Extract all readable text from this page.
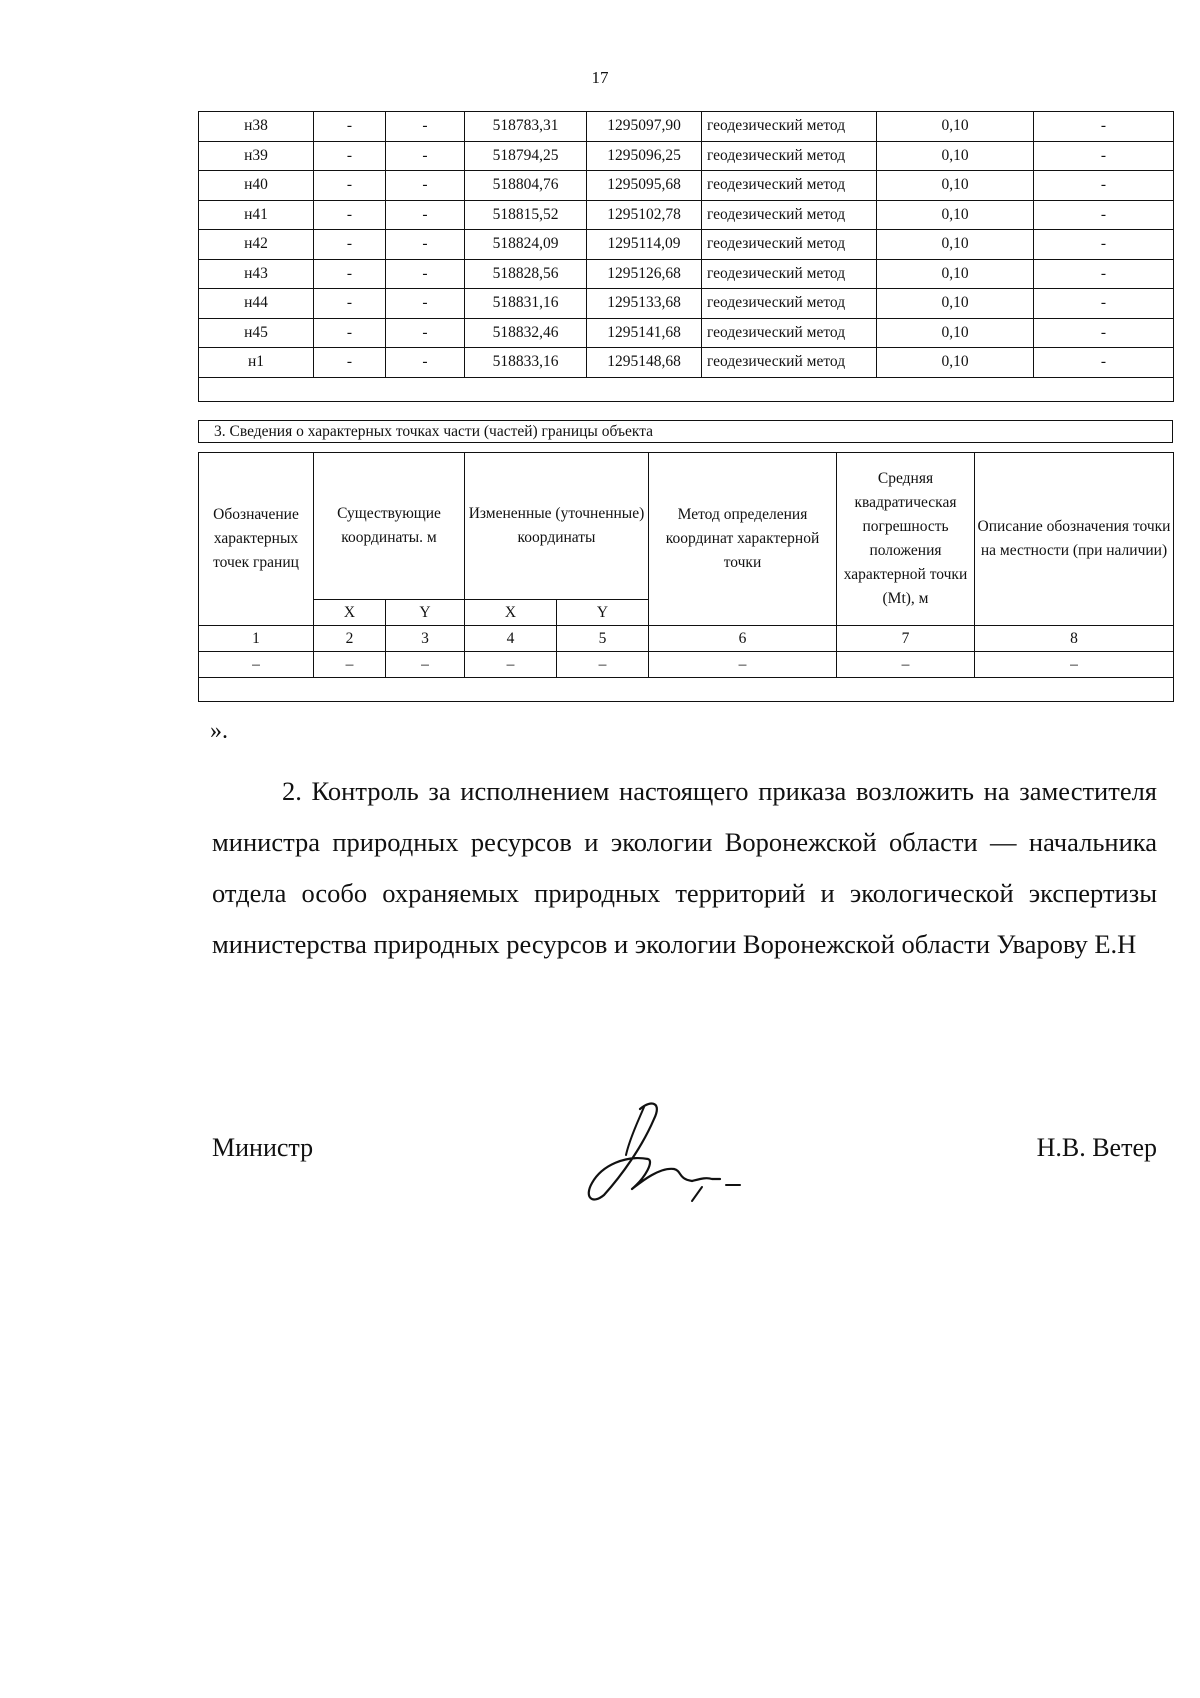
17
н38	-	-	518783,31	1295097,90	геодезический метод	0,10	-
н39	-	-	518794,25	1295096,25	геодезический метод	0,10	-
н40	-	-	518804,76	1295095,68	геодезический метод	0,10	-
н41	-	-	518815,52	1295102,78	геодезический метод	0,10	-
н42	-	-	518824,09	1295114,09	геодезический метод	0,10	-
н43	-	-	518828,56	1295126,68	геодезический метод	0,10	-
н44	-	-	518831,16	1295133,68	геодезический метод	0,10	-
н45	-	-	518832,46	1295141,68	геодезический метод	0,10	-
н1	-	-	518833,16	1295148,68	геодезический метод	0,10	-

3. Сведения о характерных точках части (частей) границы объекта
Обозначение характерных точек границ	Существующие координаты. м		Измененные (уточненные) координаты		Метод определения координат характерной точки	Средняя квадратическая погрешность положения характерной точки (Mt), м	Описание обозначения точки на местности (при наличии)
	X	Y	X	Y			
1	2	3	4	5	6	7	8
–	–	–	–	–	–	–	–

».
2. Контроль за исполнением настоящего приказа возложить на заместителя министра природных ресурсов и экологии Воронежской области — начальника отдела особо охраняемых природных территорий и экологической экспертизы министерства природных ресурсов и экологии Воронежской области Уварову Е.Н
Министр	Н.В. Ветер
